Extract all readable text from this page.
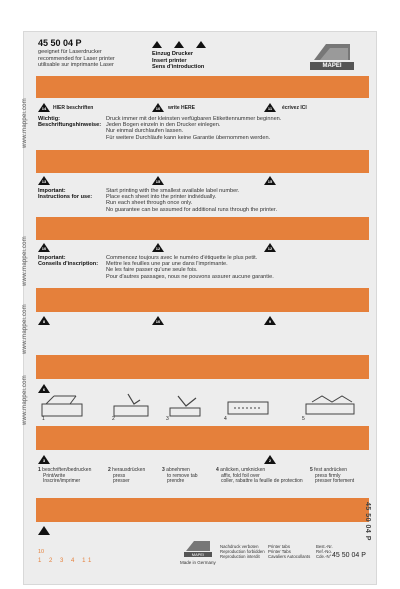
45 50 04 P
geeignet für Laserdrucker
recommended for Laser printer
utilisable sur imprimante Laser
Einzug Drucker
Insert printer
Sens d'introduction	MAPEI
www.mappei.com
www.mappei.com
www.mappei.com
www.mappei.com
45 50 04 P
14	HIER beschriften	10	write HERE	11	écrivez ICI
Wichtig:
Beschriftungshinweise:
Druck immer mit der kleinsten verfügbaren Etikettennummer beginnen.
Jeden Bogen einzeln in den Drucker einlegen.
Nur einmal durchlaufen lassen.
Für weitere Durchläufe kann keine Garantie übernommen werden.
13	15	15
Important:
Instructions for use:
Start printing with the smallest available label number.
Place each sheet into the printer individually.
Run each sheet through once only.
No guarantee can be assumed for additional runs through the printer.
10	12	12
Important:
Conseils d'inscription:
Commencez toujours avec le numéro d'étiquette le plus petit.
Mettre les feuilles une par une dans l'imprimante.
Ne les faire passer qu'une seule fois.
Pour d'autres passages, nous ne pouvons assurer aucune garantie.
8	10	9
6
1	2	3	4	5
3	2
1 beschriften/bedrucken
Print/write
Inscrire/imprimer
2 herausdrücken
press
presser
3 abnehmen
to remove tab
prendre
4 anlicken, umknicken
affix, fold foil over
coller, rabattre la feuille de protection
5 fest andrücken
press firmly
presser fortement
10
1 2 3 4 11
MAPEI
Made in Germany
Nachdruck verboten
Reproduction forbidden
Reproduction interdit
Printer tabs
Printer Tabs
Cavaliers Autocollants
Best.-Nr.
Ref.-No.
Cde.-N° 45 50 04 P
